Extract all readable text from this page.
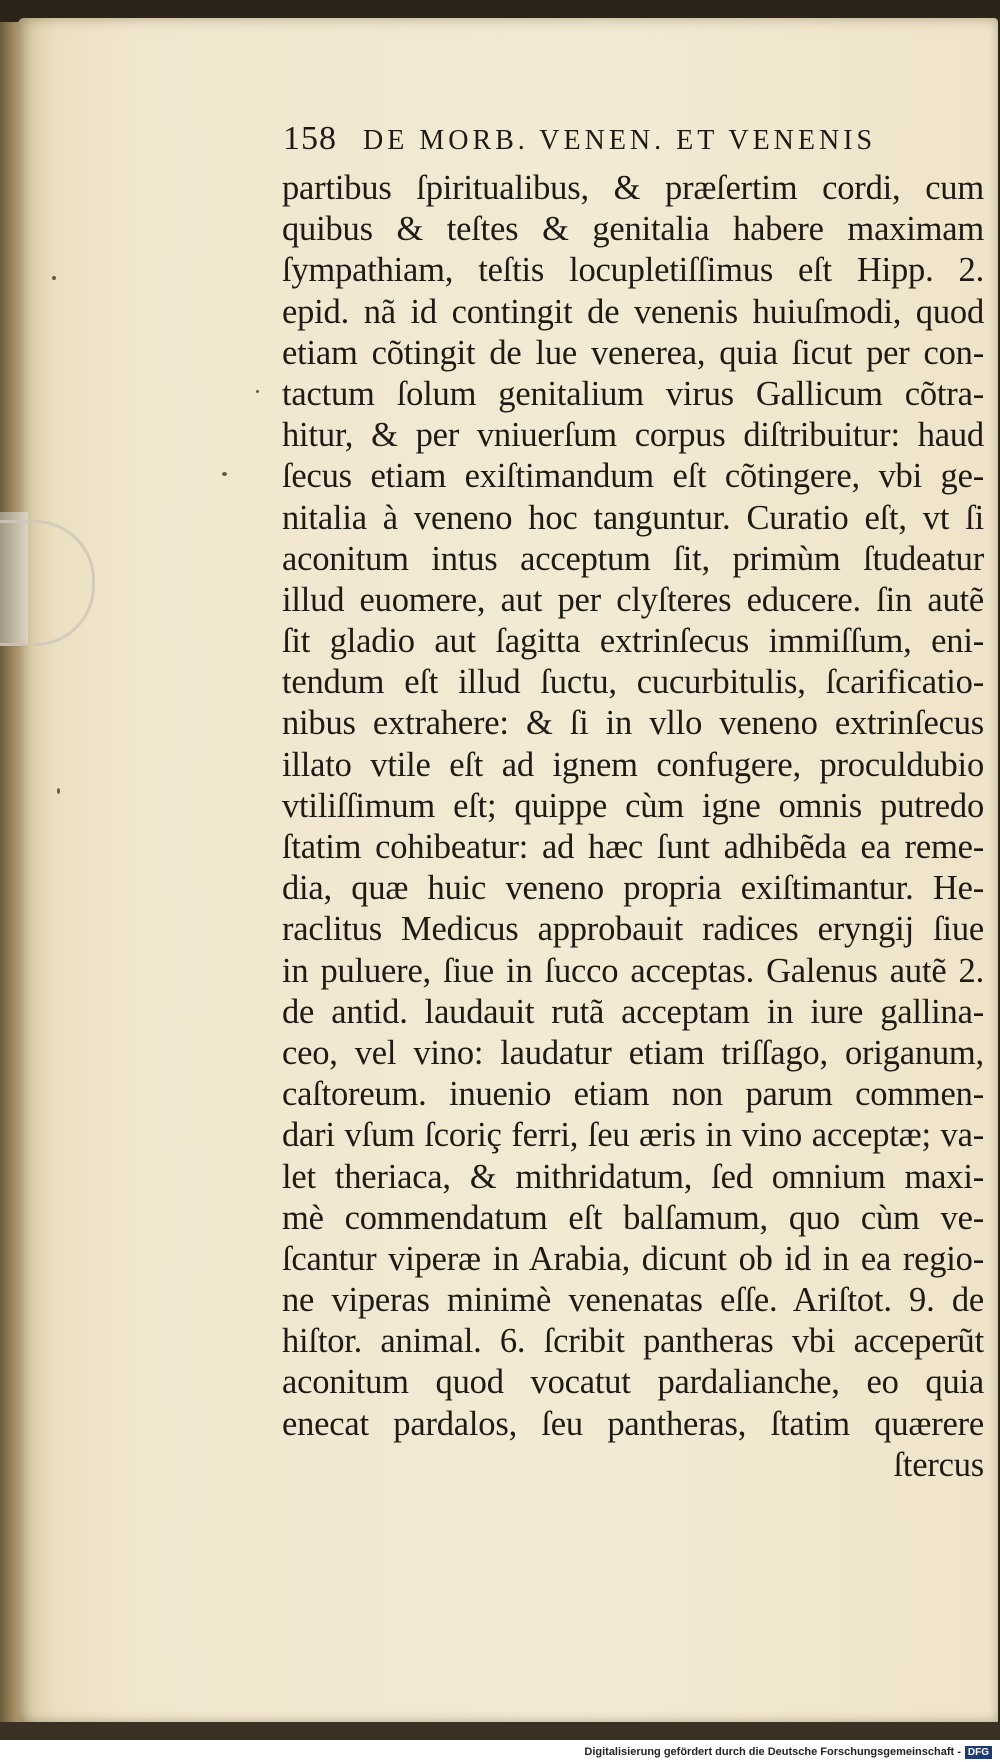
158 DE MORB. VENEN. ET VENENIS
partibus ſpiritualibus, & præſertim cordi, cum
quibus & teſtes & genitalia habere maximam
ſympathiam, teſtis locupletiſſimus eſt Hipp. 2.
epid. nã id contingit de venenis huiuſmodi, quod
etiam cõtingit de lue venerea, quia ſicut per con-
tactum ſolum genitalium virus Gallicum cõtra-
hitur, & per vniuerſum corpus diſtribuitur: haud
ſecus etiam exiſtimandum eſt cõtingere, vbi ge-
nitalia à veneno hoc tanguntur. Curatio eſt, vt ſi
aconitum intus acceptum ſit, primùm ſtudeatur
illud euomere, aut per clyſteres educere. ſin autẽ
ſit gladio aut ſagitta extrinſecus immiſſum, eni-
tendum eſt illud ſuctu, cucurbitulis, ſcarificatio-
nibus extrahere: & ſi in vllo veneno extrinſecus
illato vtile eſt ad ignem confugere, proculdubio
vtiliſſimum eſt; quippe cùm igne omnis putredo
ſtatim cohibeatur: ad hæc ſunt adhibẽda ea reme-
dia, quæ huic veneno propria exiſtimantur. He-
raclitus Medicus approbauit radices eryngij ſiue
in puluere, ſiue in ſucco acceptas. Galenus autẽ 2.
de antid. laudauit rutã acceptam in iure gallina-
ceo, vel vino: laudatur etiam triſſago, origanum,
caſtoreum. inuenio etiam non parum commen-
dari vſum ſcoriç ferri, ſeu æris in vino acceptæ; va-
let theriaca, & mithridatum, ſed omnium maxi-
mè commendatum eſt balſamum, quo cùm ve-
ſcantur viperæ in Arabia, dicunt ob id in ea regio-
ne viperas minimè venenatas eſſe. Ariſtot. 9. de
hiſtor. animal. 6. ſcribit pantheras vbi acceperũt
aconitum quod vocatut pardalianche, eo quia
enecat pardalos, ſeu pantheras, ſtatim quærere
ſtercus
Digitalisierung gefördert durch die Deutsche Forschungsgemeinschaft - DFG
